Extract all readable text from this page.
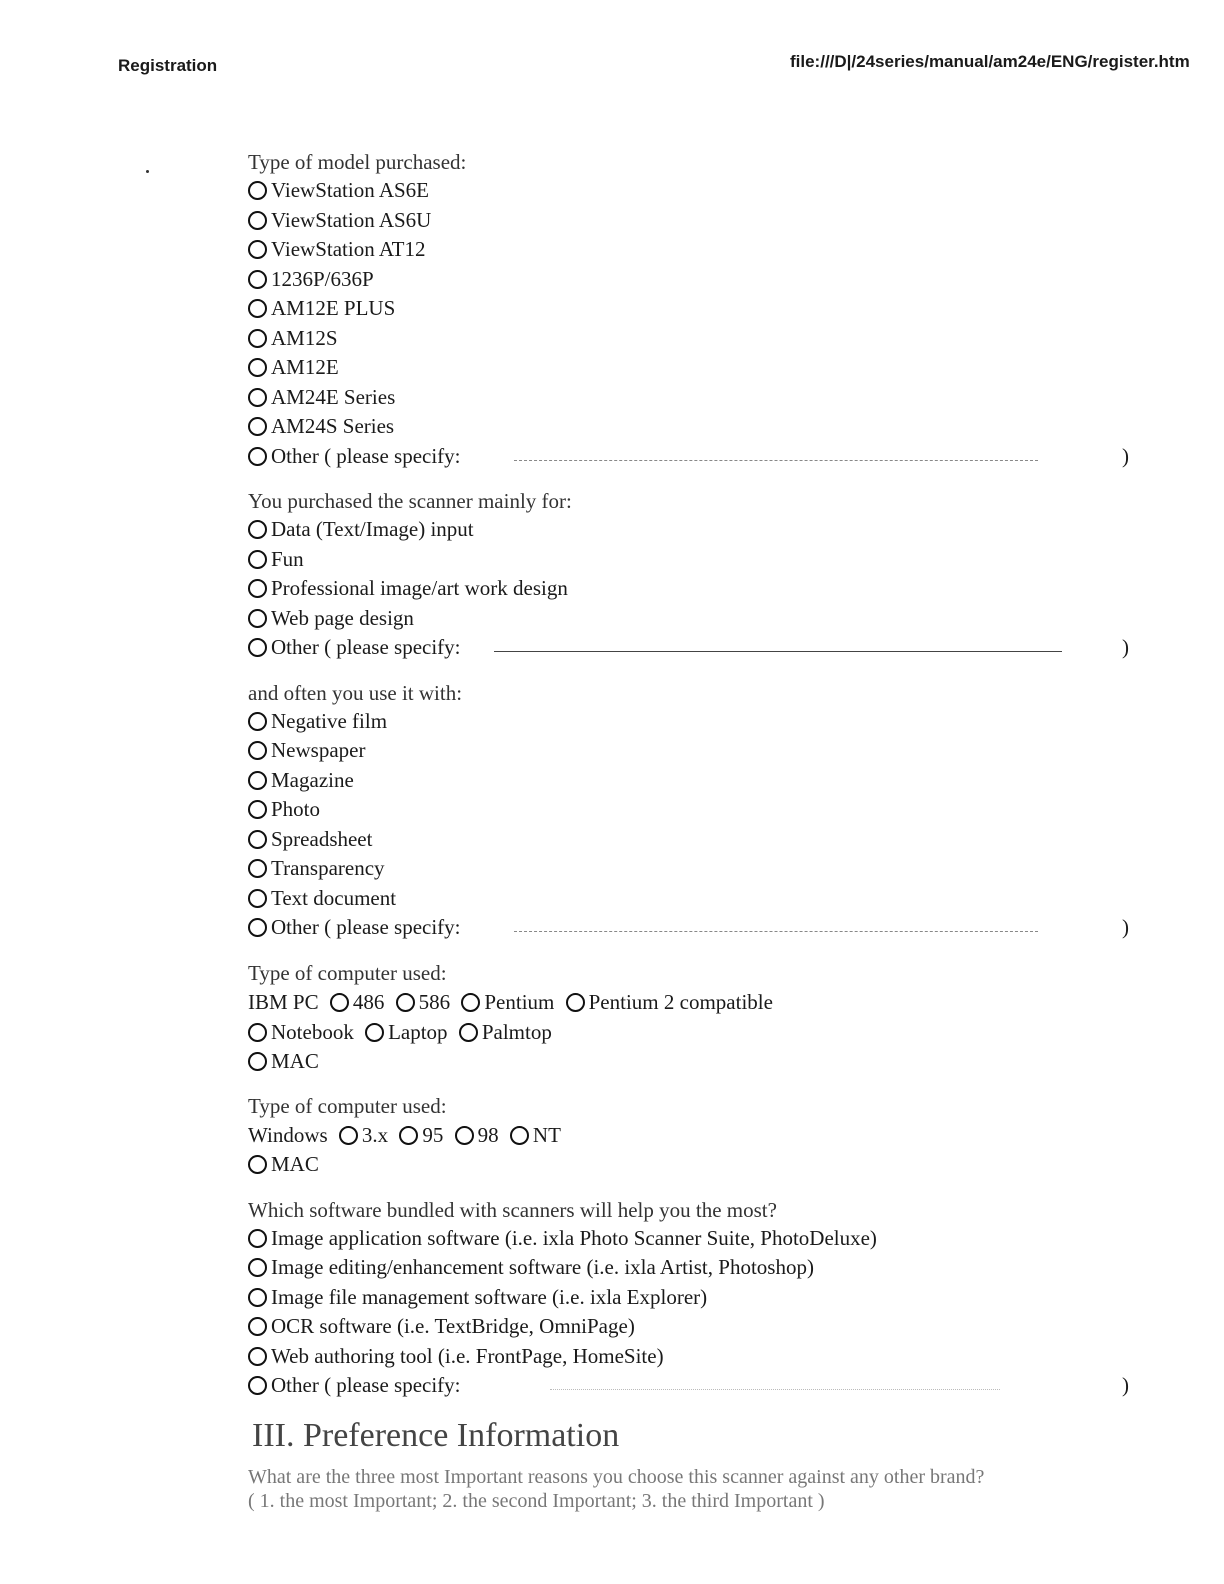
Registration	file:///D|/24series/manual/am24e/ENG/register.htm
Type of model purchased:
ViewStation AS6E
ViewStation AS6U
ViewStation AT12
1236P/636P
AM12E PLUS
AM12S
AM12E
AM24E Series
AM24S Series
Other ( please specify:	)
You purchased the scanner mainly for:
Data (Text/Image) input
Fun
Professional image/art work design
Web page design
Other ( please specify:	)
and often you use it with:
Negative film
Newspaper
Magazine
Photo
Spreadsheet
Transparency
Text document
Other ( please specify:	)
Type of computer used:
IBM PC 486 586 Pentium Pentium 2 compatible
Notebook Laptop Palmtop
MAC
Type of computer used:
Windows 3.x 95 98 NT
MAC
Which software bundled with scanners will help you the most?
Image application software (i.e. ixla Photo Scanner Suite, PhotoDeluxe)
Image editing/enhancement software (i.e. ixla Artist, Photoshop)
Image file management software (i.e. ixla Explorer)
OCR software (i.e. TextBridge, OmniPage)
Web authoring tool (i.e. FrontPage, HomeSite)
Other ( please specify:	)
III. Preference Information
What are the three most Important reasons you choose this scanner against any other brand?
( 1. the most Important; 2. the second Important; 3. the third Important )
